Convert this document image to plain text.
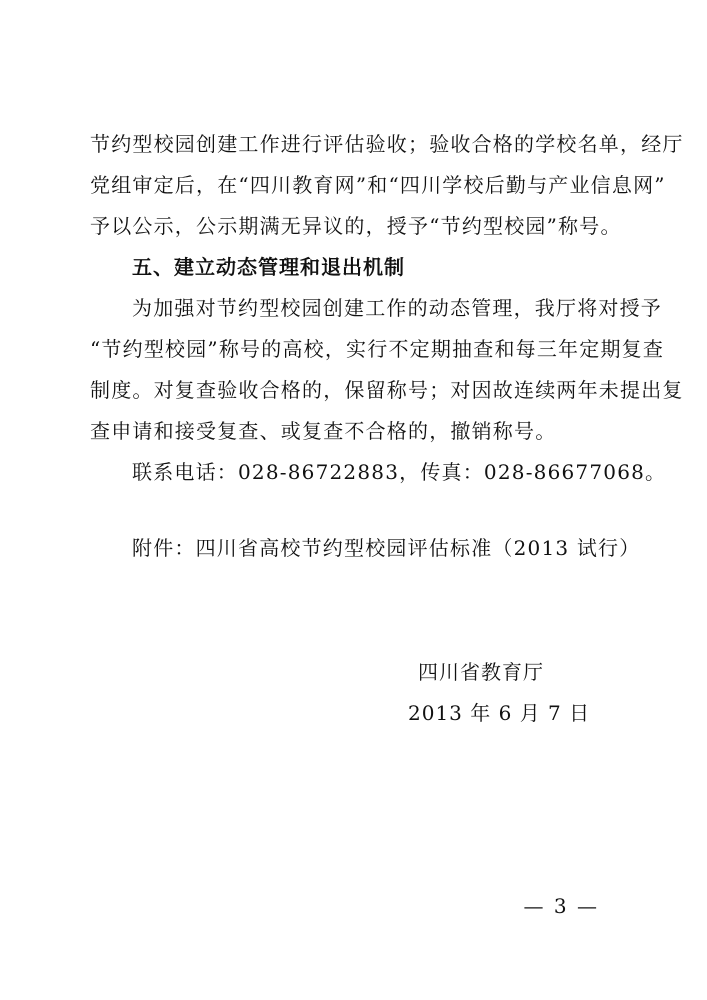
节约型校园创建工作进行评估验收；验收合格的学校名单，经厅
党组审定后，在“四川教育网”和“四川学校后勤与产业信息网”
予以公示，公示期满无异议的，授予“节约型校园”称号。
五、建立动态管理和退出机制
为加强对节约型校园创建工作的动态管理，我厅将对授予
“节约型校园”称号的高校，实行不定期抽查和每三年定期复查
制度。对复查验收合格的，保留称号；对因故连续两年未提出复
查申请和接受复查、或复查不合格的，撤销称号。
联系电话：028-86722883，传真：028-86677068。
附件：四川省高校节约型校园评估标准（2013 试行）
四川省教育厅
2013 年 6 月 7 日
— 3 —
